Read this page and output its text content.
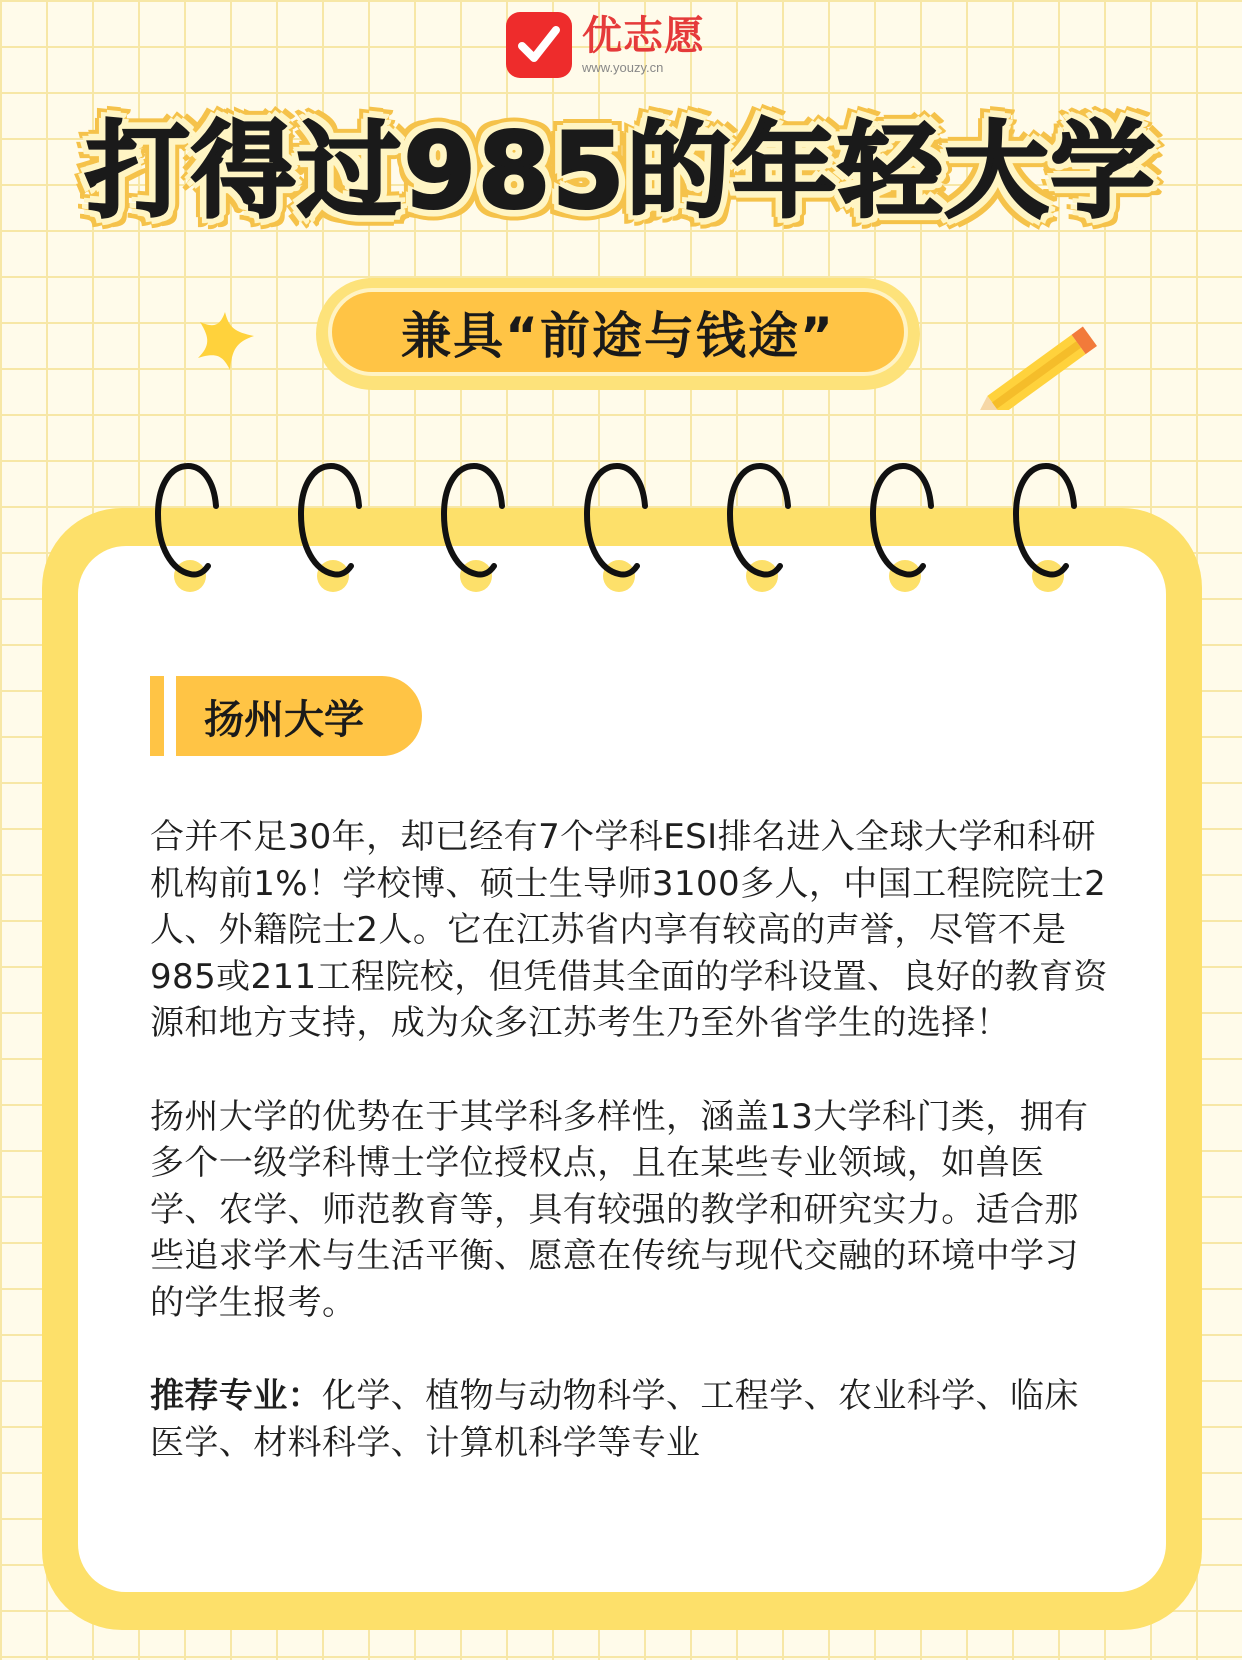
优志愿
www.youzy.cn
打得过985的年轻大学
兼具“前途与钱途”
扬州大学

合并不足30年，却已经有7个学科ESI排名进入全球大学和科研机构前1%！学校博、硕士生导师3100多人，中国工程院院士2人、外籍院士2人。它在江苏省内享有较高的声誉，尽管不是985或211工程院校，但凭借其全面的学科设置、良好的教育资源和地方支持，成为众多江苏考生乃至外省学生的选择！

扬州大学的优势在于其学科多样性，涵盖13大学科门类，拥有多个一级学科博士学位授权点，且在某些专业领域，如兽医学、农学、师范教育等，具有较强的教学和研究实力。适合那些追求学术与生活平衡、愿意在传统与现代交融的环境中学习的学生报考。

推荐专业：化学、植物与动物科学、工程学、农业科学、临床医学、材料科学、计算机科学等专业
